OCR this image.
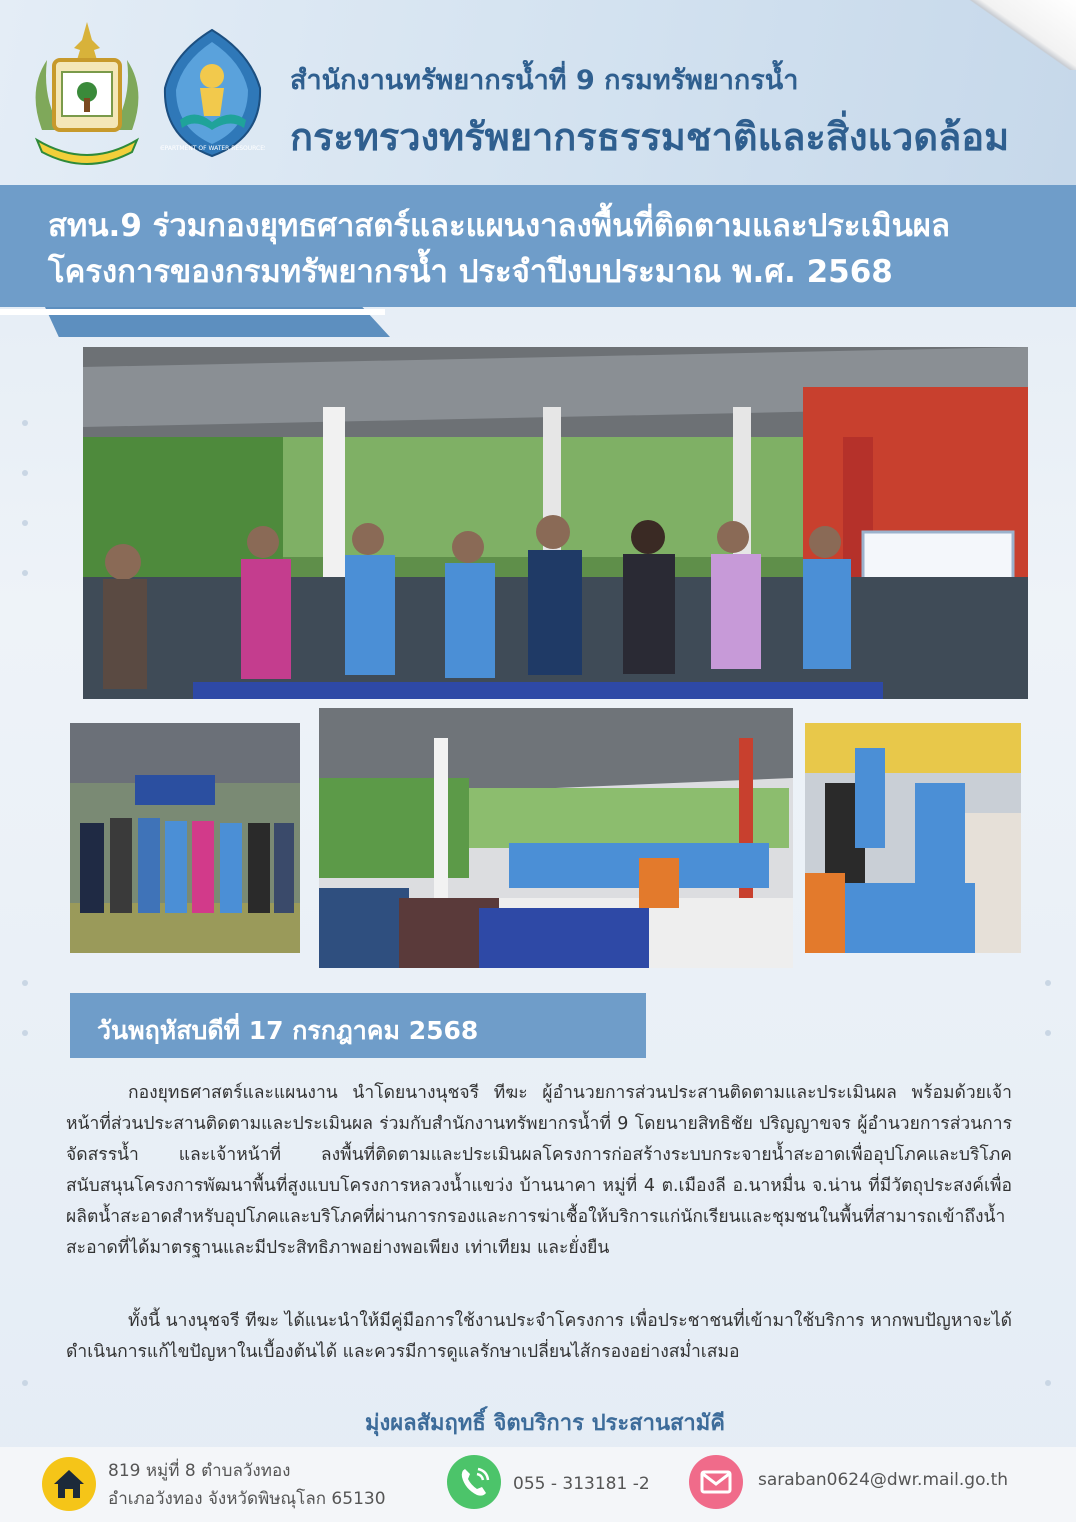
DEPARTMENT OF WATER RESOURCES
สำนักงานทรัพยากรน้ำที่ 9 กรมทรัพยากรน้ำ
กระทรวงทรัพยากรธรรมชาติและสิ่งแวดล้อม
สทน.9 ร่วมกองยุทธศาสตร์และแผนงาลงพื้นที่ติดตามและประเมินผล
โครงการของกรมทรัพยากรน้ำ ประจำปีงบประมาณ พ.ศ. 2568
วันพฤหัสบดีที่ 17 กรกฎาคม 2568

กองยุทธศาสตร์และแผนงาน นำโดยนางนุชจรี ทีฆะ ผู้อำนวยการส่วนประสานติดตามและประเมินผล พร้อมด้วยเจ้าหน้าที่ส่วนประสานติดตามและประเมินผล ร่วมกับสำนักงานทรัพยากรน้ำที่ 9 โดยนายสิทธิชัย ปริญญาขจร ผู้อำนวยการส่วนการจัดสรรน้ำ และเจ้าหน้าที่ ลงพื้นที่ติดตามและประเมินผลโครงการก่อสร้างระบบกระจายน้ำสะอาดเพื่ออุปโภคและบริโภค สนับสนุนโครงการพัฒนาพื้นที่สูงแบบโครงการหลวงน้ำแขว่ง บ้านนาคา หมู่ที่ 4 ต.เมืองลี อ.นาหมื่น จ.น่าน ที่มีวัตถุประสงค์เพื่อผลิตน้ำสะอาดสำหรับอุปโภคและบริโภคที่ผ่านการกรองและการฆ่าเชื้อให้บริการแก่นักเรียนและชุมชนในพื้นที่สามารถเข้าถึงน้ำสะอาดที่ได้มาตรฐานและมีประสิทธิภาพอย่างพอเพียง เท่าเทียม และยั่งยืน

ทั้งนี้ นางนุชจรี ทีฆะ ได้แนะนำให้มีคู่มือการใช้งานประจำโครงการ เพื่อประชาชนที่เข้ามาใช้บริการ หากพบปัญหาจะได้ดำเนินการแก้ไขปัญหาในเบื้องต้นได้ และควรมีการดูแลรักษาเปลี่ยนไส้กรองอย่างสม่ำเสมอ

มุ่งผลสัมฤทธิ์ จิตบริการ ประสานสามัคี
819 หมู่ที่ 8 ตำบลวังทอง
อำเภอวังทอง จังหวัดพิษณุโลก 65130
055 - 313181 -2	saraban0624@dwr.mail.go.th
